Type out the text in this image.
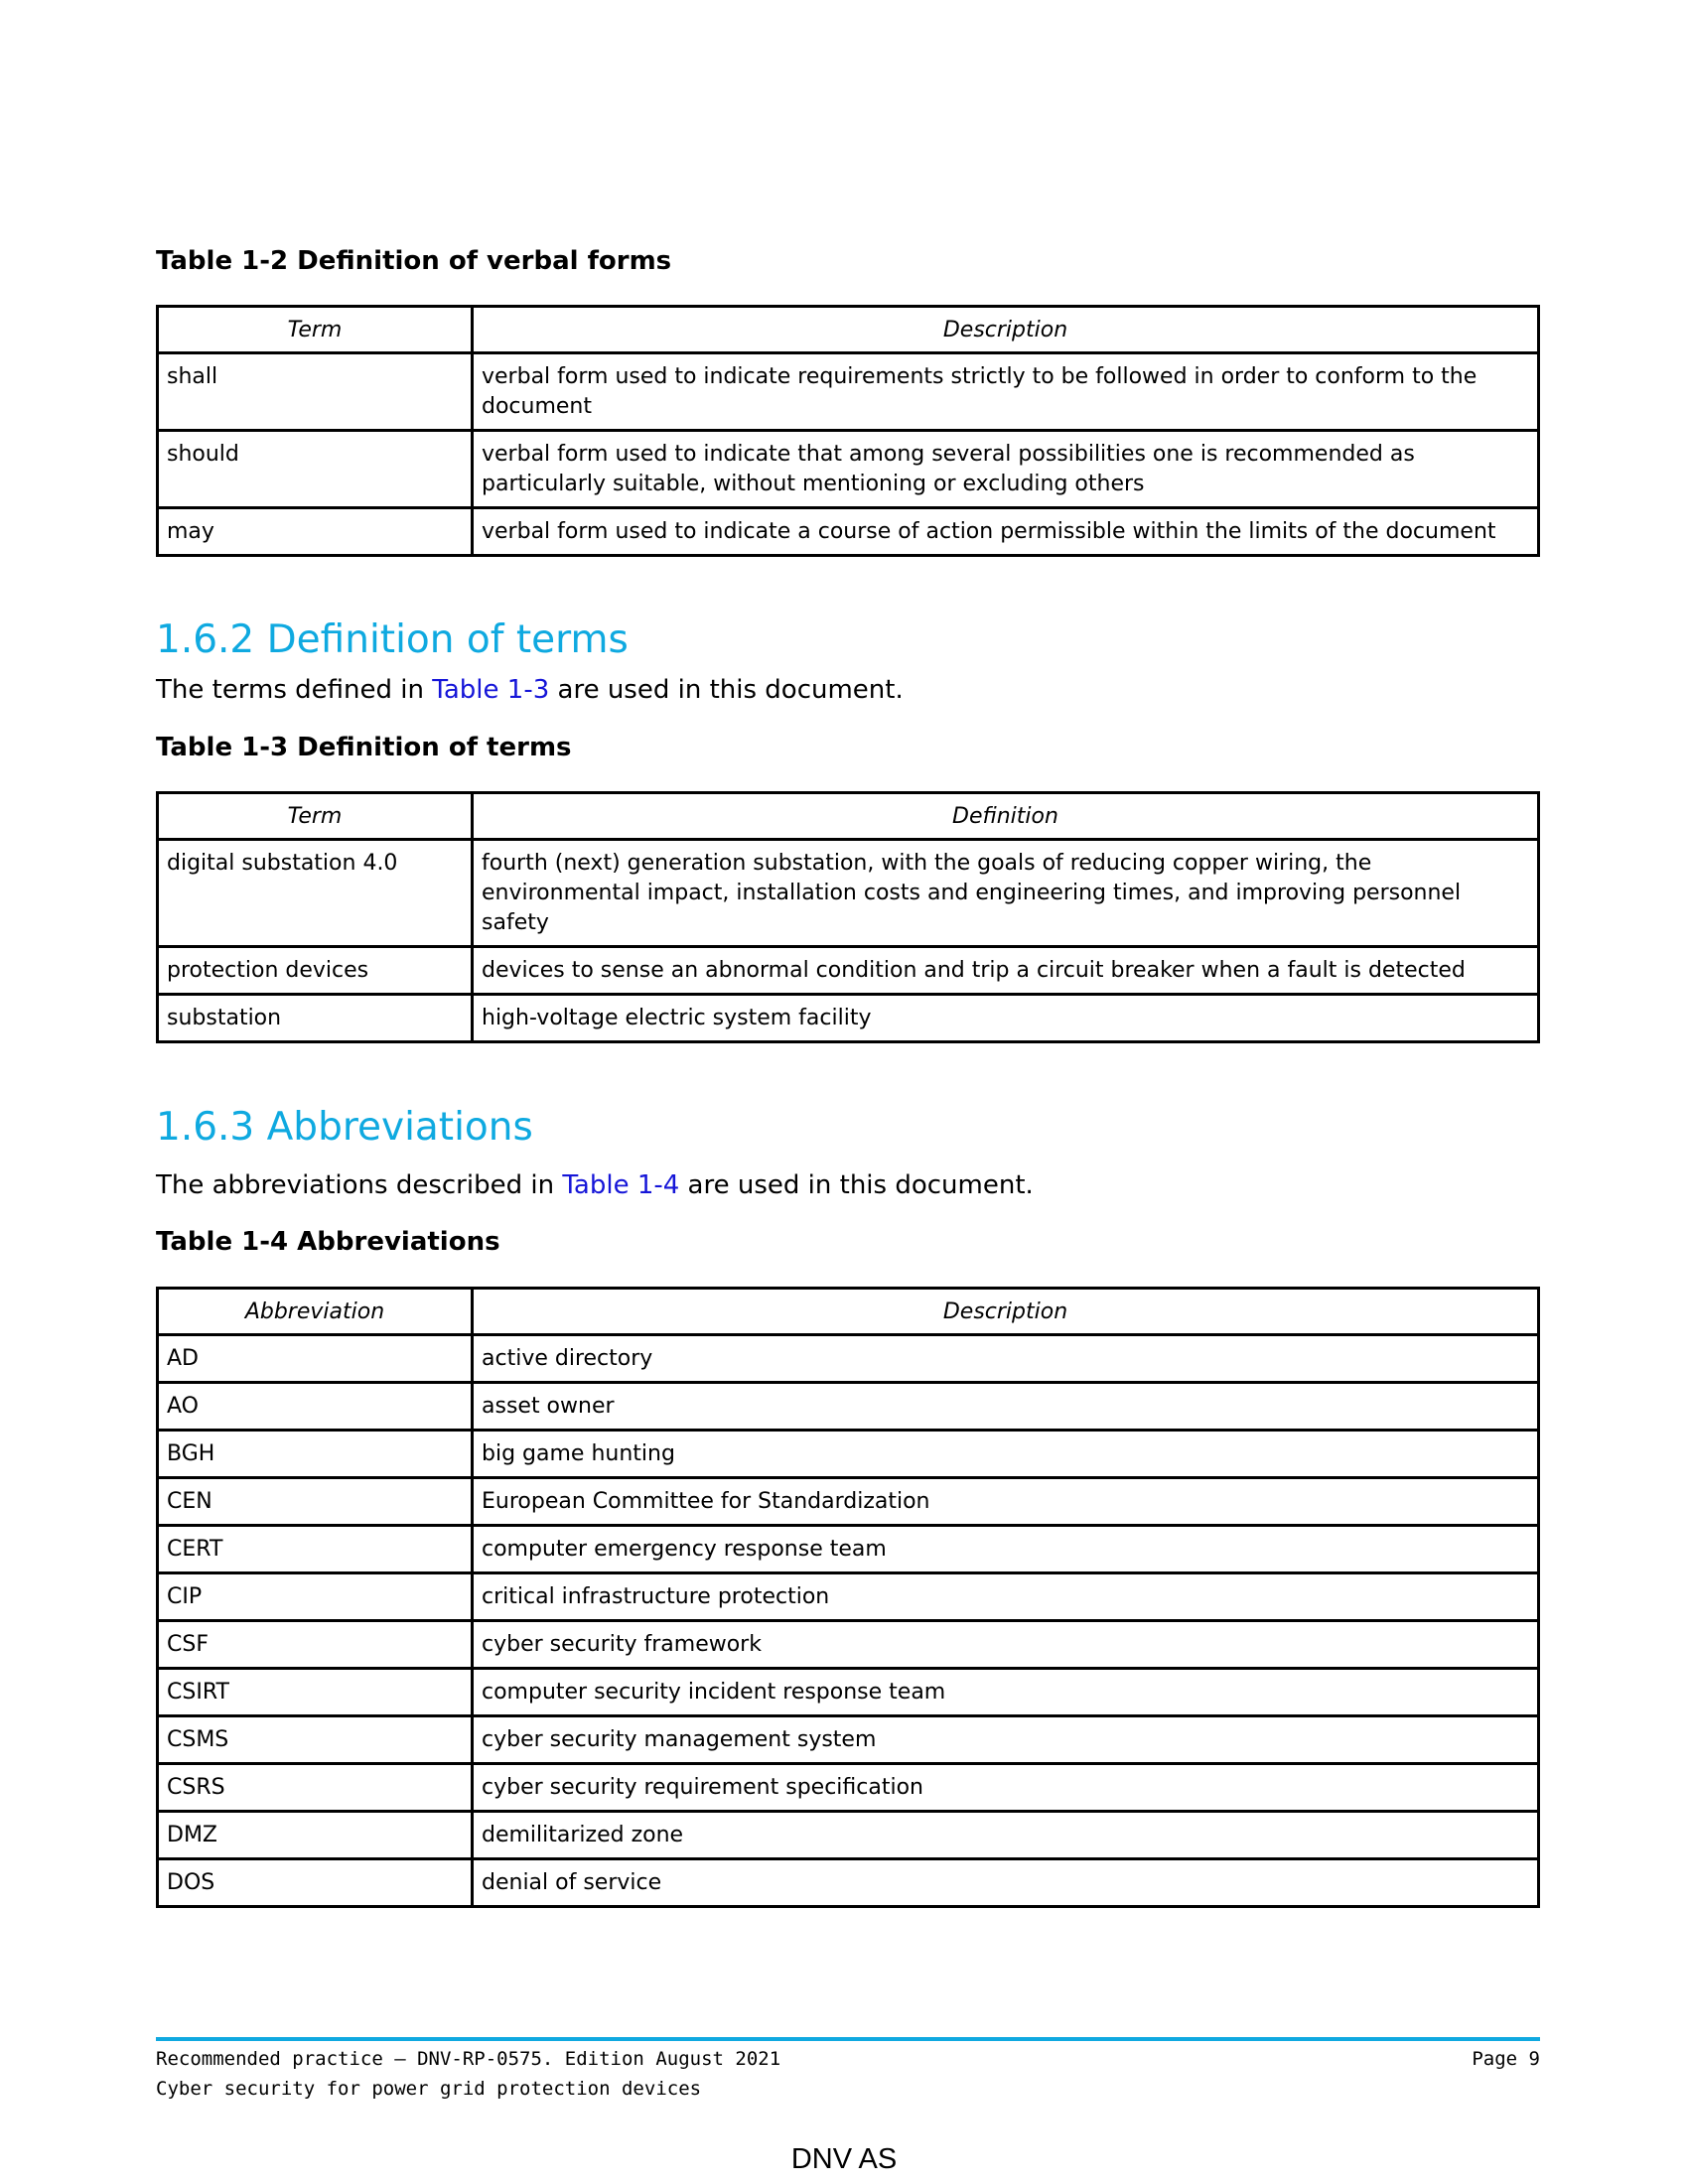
Table 1-2 Definition of verbal forms

Term	Description
shall	verbal form used to indicate requirements strictly to be followed in order to conform to the document
should	verbal form used to indicate that among several possibilities one is recommended as particularly suitable, without mentioning or excluding others
may	verbal form used to indicate a course of action permissible within the limits of the document
1.6.2 Definition of terms

The terms defined in Table 1-3 are used in this document.

Table 1-3 Definition of terms

Term	Definition
digital substation 4.0	fourth (next) generation substation, with the goals of reducing copper wiring, the environmental impact, installation costs and engineering times, and improving personnel safety
protection devices	devices to sense an abnormal condition and trip a circuit breaker when a fault is detected
substation	high-voltage electric system facility
1.6.3 Abbreviations

The abbreviations described in Table 1-4 are used in this document.

Table 1-4 Abbreviations

Abbreviation	Description
AD	active directory
AO	asset owner
BGH	big game hunting
CEN	European Committee for Standardization
CERT	computer emergency response team
CIP	critical infrastructure protection
CSF	cyber security framework
CSIRT	computer security incident response team
CSMS	cyber security management system
CSRS	cyber security requirement specification
DMZ	demilitarized zone
DOS	denial of service

Recommended practice — DNV-RP-0575. Edition August 2021

Cyber security for power grid protection devices

Page 9

DNV AS
